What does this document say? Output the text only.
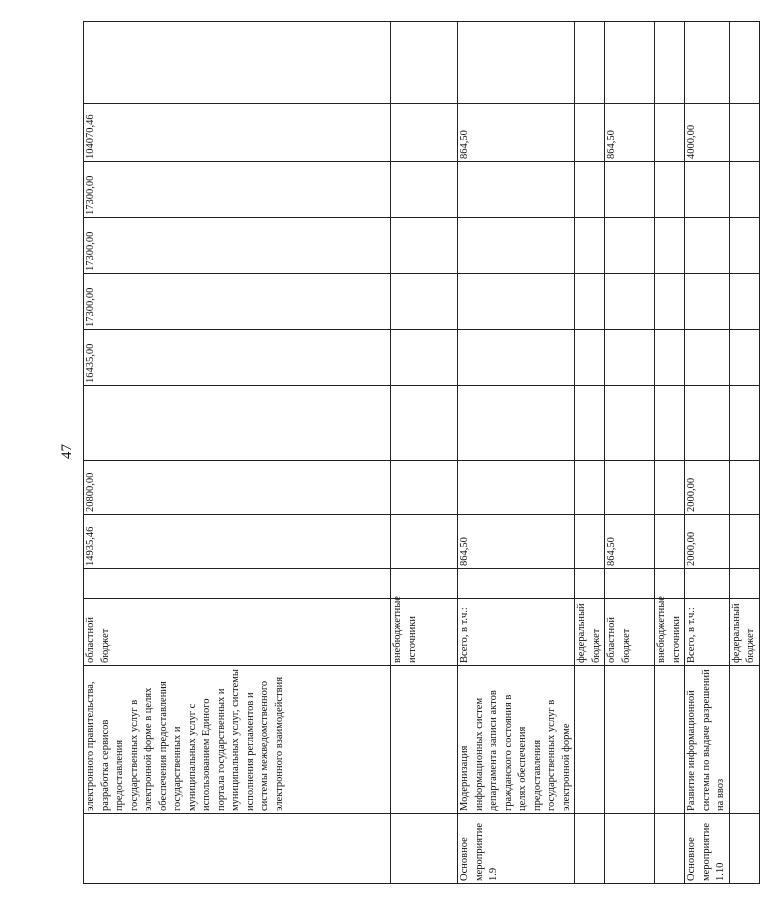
47
	электронного правительства, разработка сервисов предоставления государственных услуг в электронной форме в целях обеспечения предоставления государственных и муниципальных услуг с использованием Единого портала государственных и муниципальных услуг, системы исполнения регламентов и системы межведомственного электронного взаимодействия	областной бюджет		14935,46	20800,00		16435,00	17300,00	17300,00	17300,00	104070,46	
		внебюджетные источники										
Основное мероприятие 1.9	Модернизация информационных систем департамента записи актов гражданского состояния в целях обеспечения предоставления государственных услуг в электронной форме	Всего, в т.ч.:		864,50							864,50	
		федеральный бюджет										
		областной бюджет		864,50							864,50	
		внебюджетные источники										
Основное мероприятие 1.10	Развитие информационной системы по выдаче разрешений на ввоз	Всего, в т.ч.:		2000,00	2000,00						4000,00	
		федеральный бюджет										
